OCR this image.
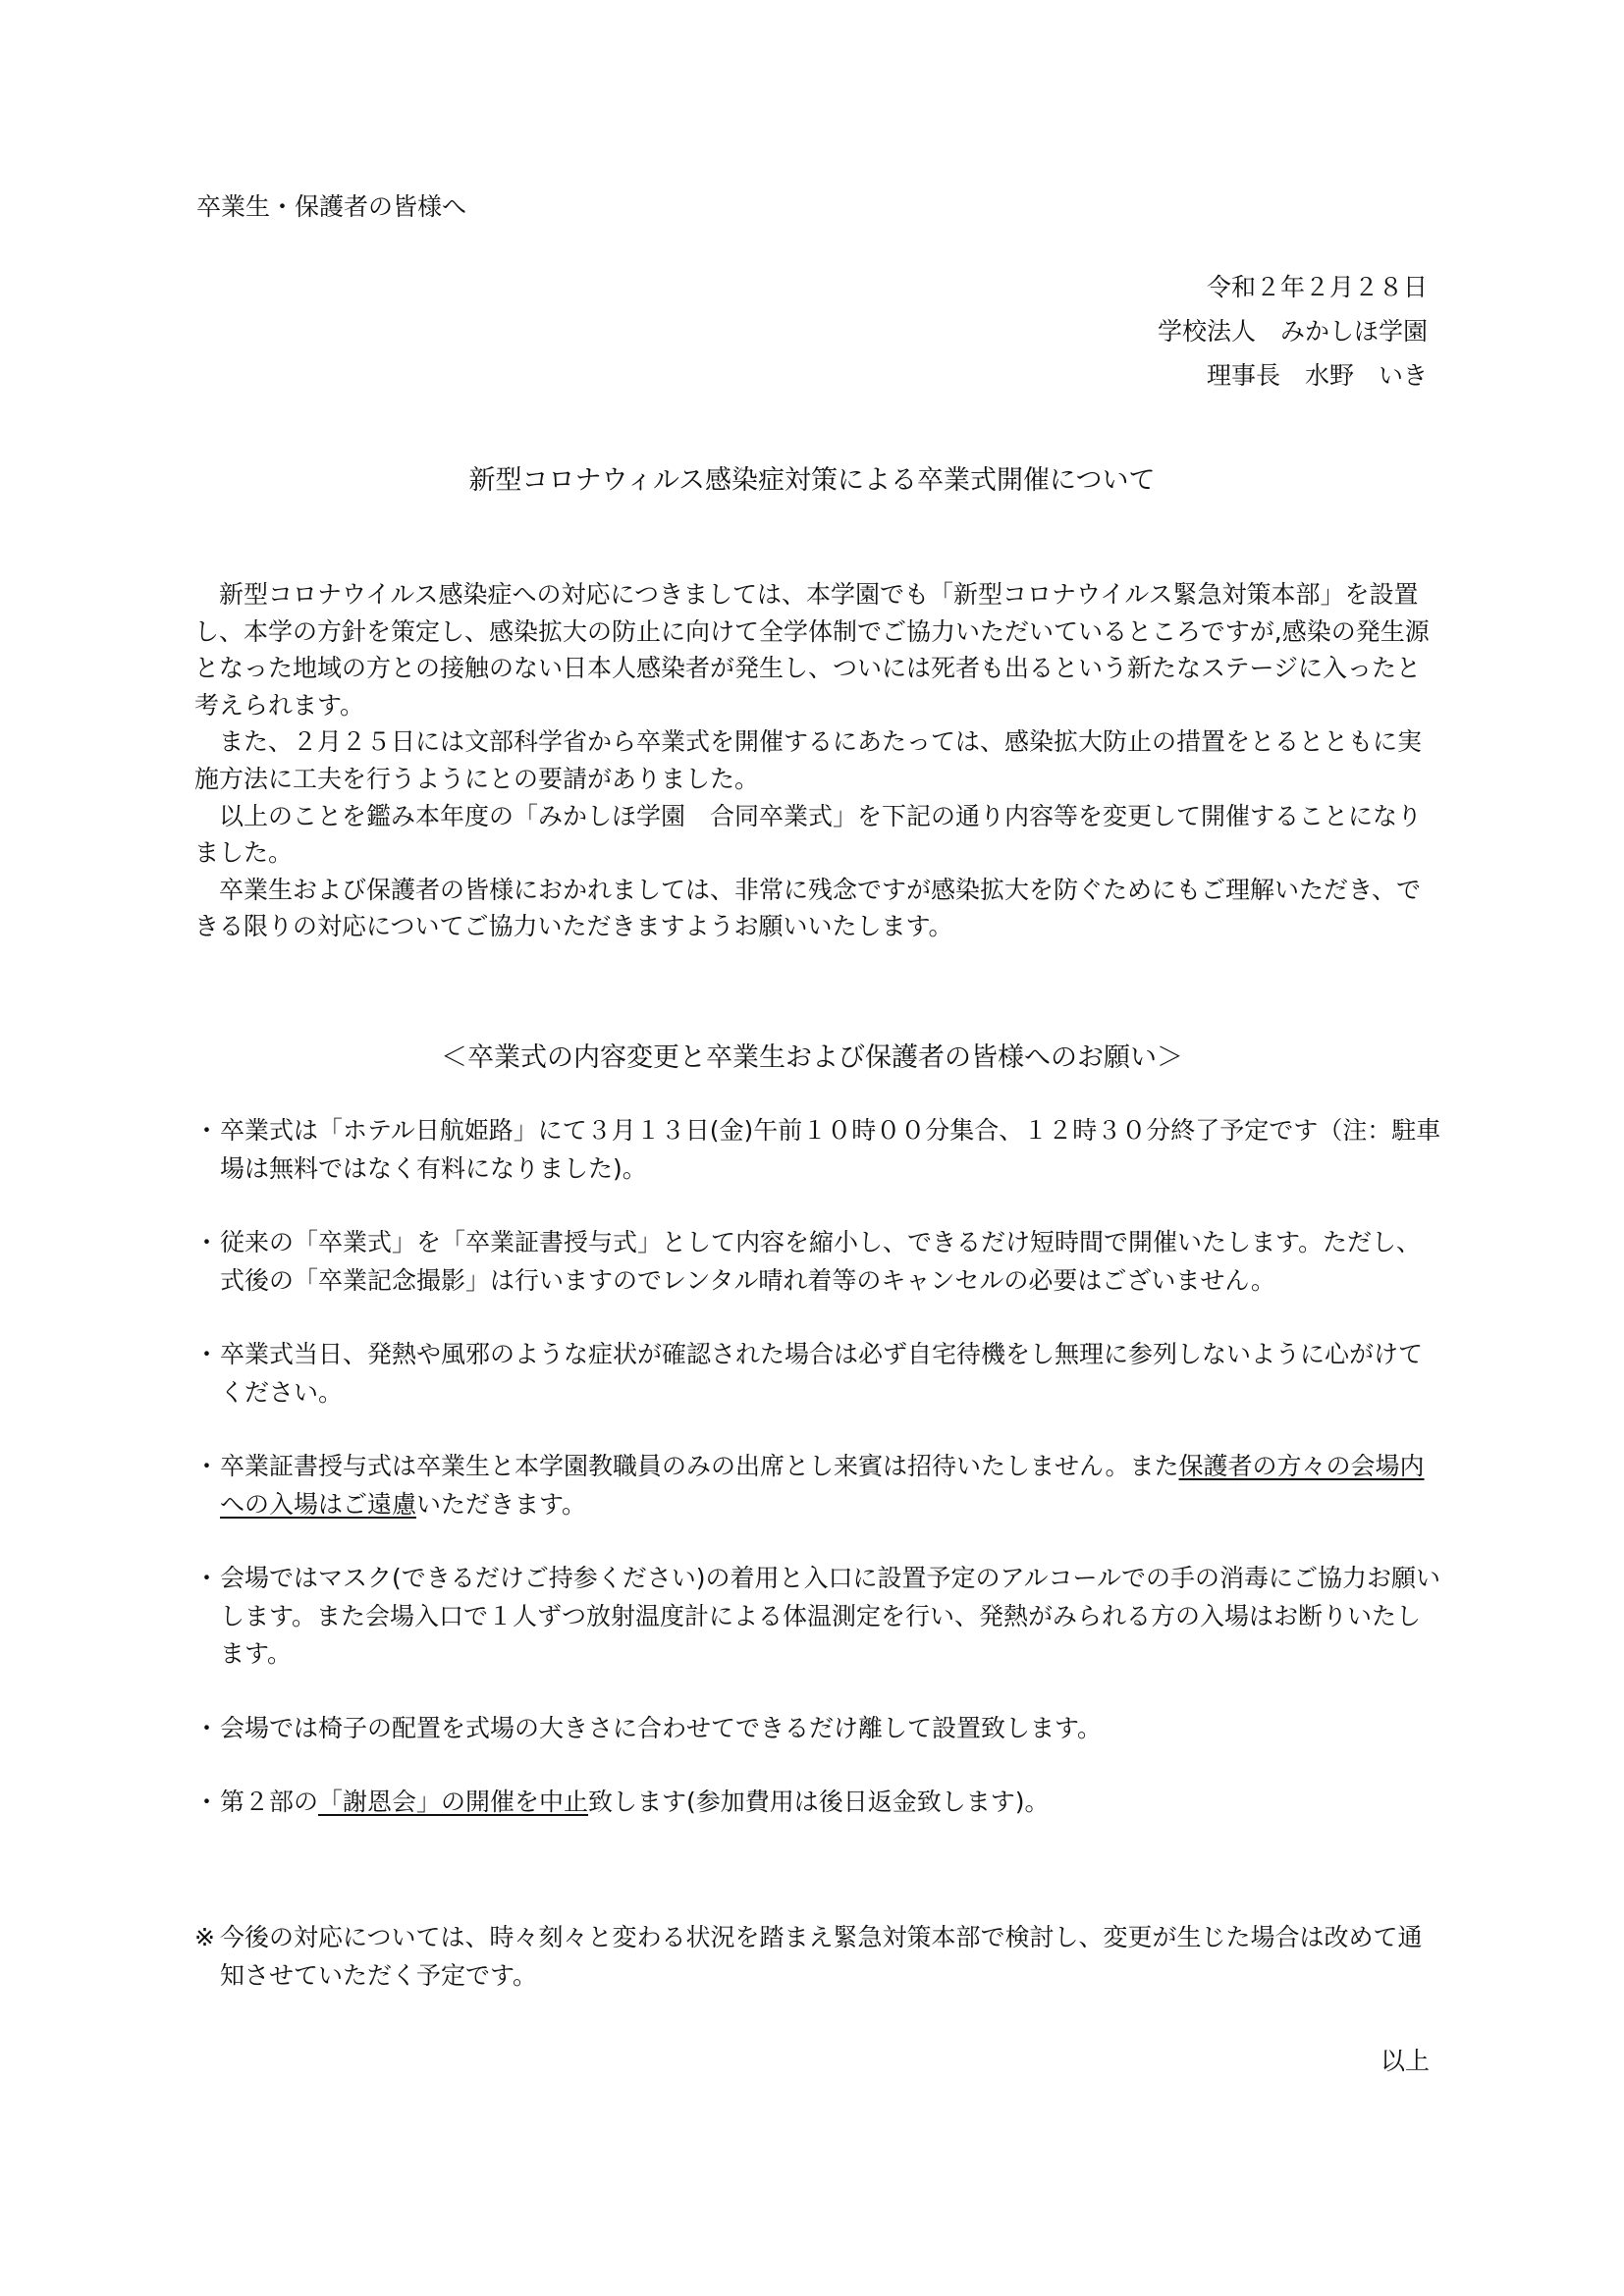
卒業生・保護者の皆様へ
令和２年２月２８日
学校法人　みかしほ学園
理事長　水野　いき
新型コロナウィルス感染症対策による卒業式開催について

新型コロナウイルス感染症への対応につきましては、本学園でも「新型コロナウイルス緊急対策本部」を設置し、本学の方針を策定し、感染拡大の防止に向けて全学体制でご協力いただいているところですが,感染の発生源となった地域の方との接触のない日本人感染者が発生し、ついには死者も出るという新たなステージに入ったと考えられます。

また、２月２５日には文部科学省から卒業式を開催するにあたっては、感染拡大防止の措置をとるとともに実施方法に工夫を行うようにとの要請がありました。

以上のことを鑑み本年度の「みかしほ学園　合同卒業式」を下記の通り内容等を変更して開催することになりました。

卒業生および保護者の皆様におかれましては、非常に残念ですが感染拡大を防ぐためにもご理解いただき、できる限りの対応についてご協力いただきますようお願いいたします。

＜卒業式の内容変更と卒業生および保護者の皆様へのお願い＞
・ 卒業式は「ホテル日航姫路」にて３月１３日(金)午前１０時００分集合、１２時３０分終了予定です（注：駐車場は無料ではなく有料になりました)。
・ 従来の「卒業式」を「卒業証書授与式」として内容を縮小し、できるだけ短時間で開催いたします。ただし、式後の「卒業記念撮影」は行いますのでレンタル晴れ着等のキャンセルの必要はございません。
・ 卒業式当日、発熱や風邪のような症状が確認された場合は必ず自宅待機をし無理に参列しないように心がけてください。
・ 卒業証書授与式は卒業生と本学園教職員のみの出席とし来賓は招待いたしません。また保護者の方々の会場内への入場はご遠慮いただきます。
・ 会場ではマスク(できるだけご持参ください)の着用と入口に設置予定のアルコールでの手の消毒にご協力お願いします。また会場入口で１人ずつ放射温度計による体温測定を行い、発熱がみられる方の入場はお断りいたします。
・ 会場では椅子の配置を式場の大きさに合わせてできるだけ離して設置致します。
・ 第２部の「謝恩会」の開催を中止致します(参加費用は後日返金致します)。
※ 今後の対応については、時々刻々と変わる状況を踏まえ緊急対策本部で検討し、変更が生じた場合は改めて通知させていただく予定です。
以上
